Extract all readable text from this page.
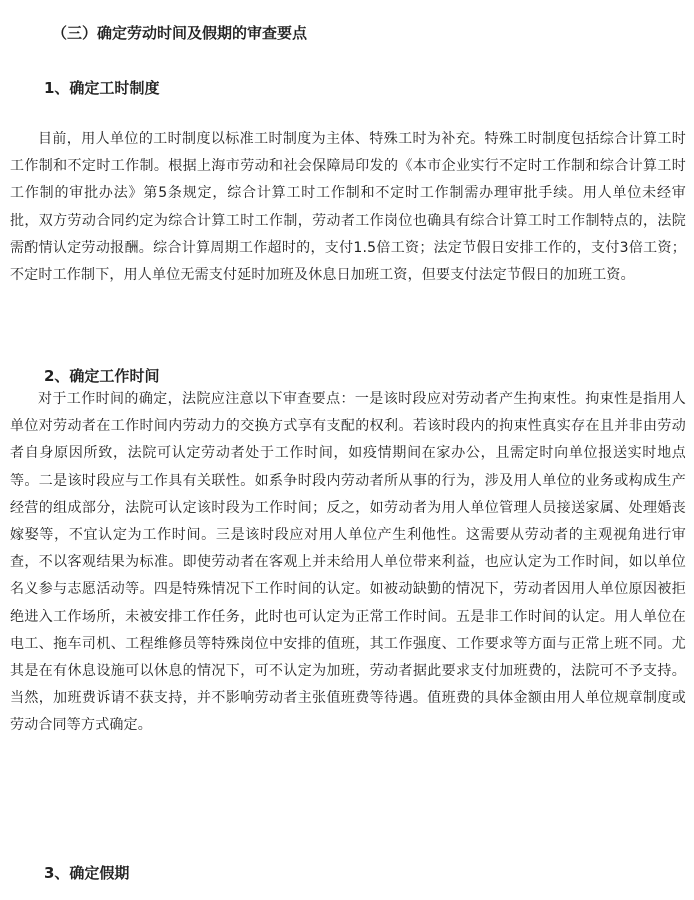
（三）确定劳动时间及假期的审查要点
1、确定工时制度

目前，用人单位的工时制度以标准工时制度为主体、特殊工时为补充。特殊工时制度包括综合计算工时工作制和不定时工作制。根据上海市劳动和社会保障局印发的《本市企业实行不定时工作制和综合计算工时工作制的审批办法》第5条规定，综合计算工时工作制和不定时工作制需办理审批手续。用人单位未经审批，双方劳动合同约定为综合计算工时工作制，劳动者工作岗位也确具有综合计算工时工作制特点的，法院需酌情认定劳动报酬。综合计算周期工作超时的，支付1.5倍工资；法定节假日安排工作的，支付3倍工资；不定时工作制下，用人单位无需支付延时加班及休息日加班工资，但要支付法定节假日的加班工资。

2、确定工作时间

对于工作时间的确定，法院应注意以下审查要点：一是该时段应对劳动者产生拘束性。拘束性是指用人单位对劳动者在工作时间内劳动力的交换方式享有支配的权利。若该时段内的拘束性真实存在且并非由劳动者自身原因所致，法院可认定劳动者处于工作时间，如疫情期间在家办公，且需定时向单位报送实时地点等。二是该时段应与工作具有关联性。如系争时段内劳动者所从事的行为，涉及用人单位的业务或构成生产经营的组成部分，法院可认定该时段为工作时间；反之，如劳动者为用人单位管理人员接送家属、处理婚丧嫁娶等，不宜认定为工作时间。三是该时段应对用人单位产生利他性。这需要从劳动者的主观视角进行审查，不以客观结果为标准。即使劳动者在客观上并未给用人单位带来利益，也应认定为工作时间，如以单位名义参与志愿活动等。四是特殊情况下工作时间的认定。如被动缺勤的情况下，劳动者因用人单位原因被拒绝进入工作场所，未被安排工作任务，此时也可认定为正常工作时间。五是非工作时间的认定。用人单位在电工、拖车司机、工程维修员等特殊岗位中安排的值班，其工作强度、工作要求等方面与正常上班不同。尤其是在有休息设施可以休息的情况下，可不认定为加班，劳动者据此要求支付加班费的，法院可不予支持。当然，加班费诉请不获支持，并不影响劳动者主张值班费等待遇。值班费的具体金额由用人单位规章制度或劳动合同等方式确定。

3、确定假期
